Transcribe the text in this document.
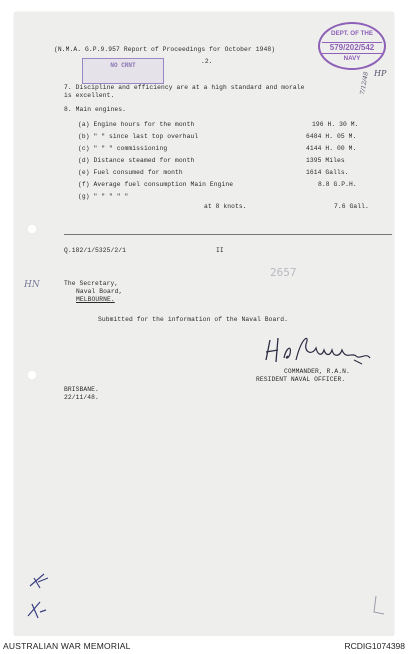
(N.M.A. G.P.9.957 Report of Proceedings for October 1948)
.2.
NO CRNT
DEPT. OF THE
579/202/542
NAVY
HP
7/12/48
7. Discipline and efficiency are at a high standard and morale
is excellent.
8. Main engines.
(a) Engine hours for the month	196 H. 30 M.
(b) " " since last top overhaul	6484 H. 05 M.
(c) " " " commissioning	4144 H. 00 M.
(d) Distance steamed for month	1395 Miles
(e) Fuel consumed for month	1614 Galls.
(f) Average fuel consumption Main Engine	8.8 G.P.H.
(g) " " " " "
at 8 knots.	7.6 Gall.
Q.182/1/5325/2/1	II
2657
HN	The Secretary,
Naval Board,
MELBOURNE.
Submitted for the information of the Naval Board.
COMMANDER, R.A.N.
RESIDENT NAVAL OFFICER.
BRISBANE.
22/11/48.
AUSTRALIAN WAR MEMORIAL	RCDIG1074398
